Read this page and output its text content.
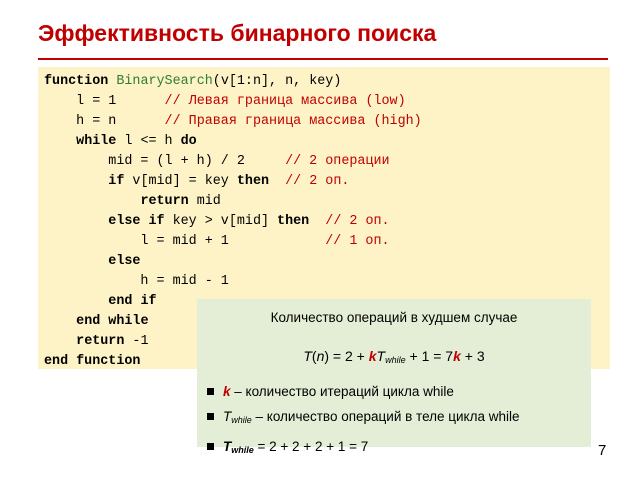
Эффективность бинарного поиска
function BinarySearch(v[1:n], n, key)
l = 1      // Левая граница массива (low)
h = n      // Правая граница массива (high)
while l <= h do
mid = (l + h) / 2     // 2 операции
if v[mid] = key then // 2 оп.
return mid
else if key > v[mid] then // 2 оп.
l = mid + 1            // 1 оп.
else
h = mid - 1
end if
end while
return -1
end function
Количество операций в худшем случае
$T(n) = 2 + kT_{while} + 1 = 7k + 3$
k – количество итераций цикла while
$T_{while}$ – количество операций в теле цикла while
$T_{while} = 2 + 2 + 2 + 1 = 7$	7
